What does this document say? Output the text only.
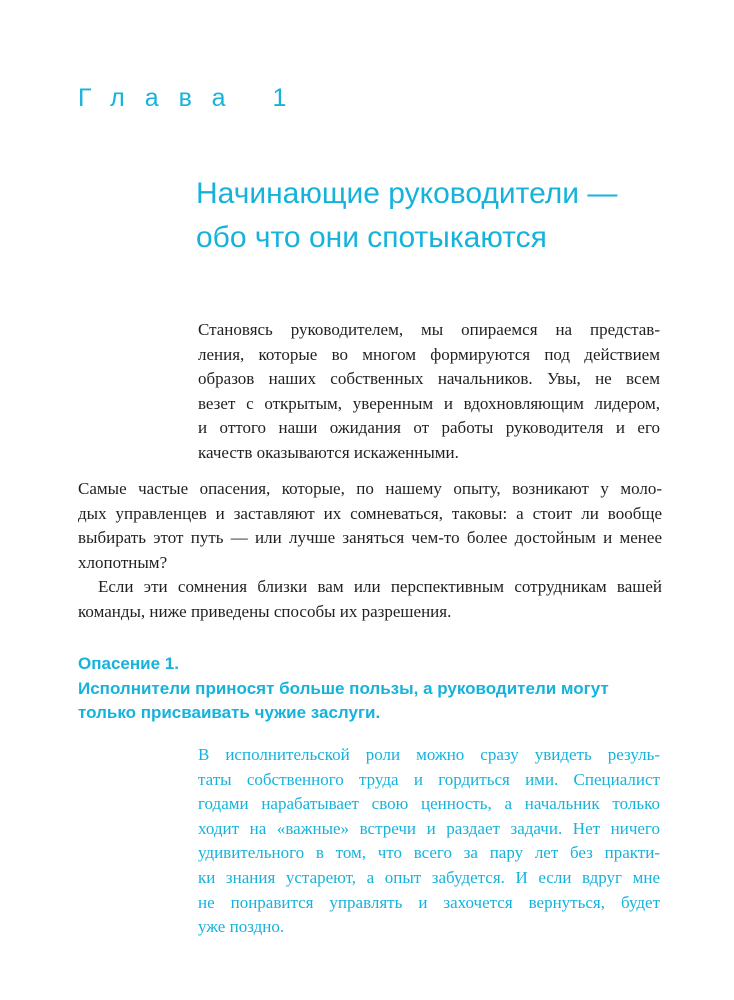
Глава 1

Начинающие руководители —
обо что они спотыкаются

Становясь руководителем, мы опираемся на представ-
ления, которые во многом формируются под действием
образов наших собственных начальников. Увы, не всем
везет с открытым, уверенным и вдохновляющим лидером,
и оттого наши ожидания от работы руководителя и его
качеств оказываются искаженными.

Самые частые опасения, которые, по нашему опыту, возникают у моло-
дых управленцев и заставляют их сомневаться, таковы: а стоит ли вообще
выбирать этот путь — или лучше заняться чем-то более достойным и менее
хлопотным?

Если эти сомнения близки вам или перспективным сотрудникам вашей
команды, ниже приведены способы их разрешения.

Опасение 1.
Исполнители приносят больше пользы, а руководители могут
только присваивать чужие заслуги.

В исполнительской роли можно сразу увидеть резуль-
таты собственного труда и гордиться ими. Специалист
годами нарабатывает свою ценность, а начальник только
ходит на «важные» встречи и раздает задачи. Нет ничего
удивительного в том, что всего за пару лет без практи-
ки знания устареют, а опыт забудется. И если вдруг мне
не понравится управлять и захочется вернуться, будет
уже поздно.
